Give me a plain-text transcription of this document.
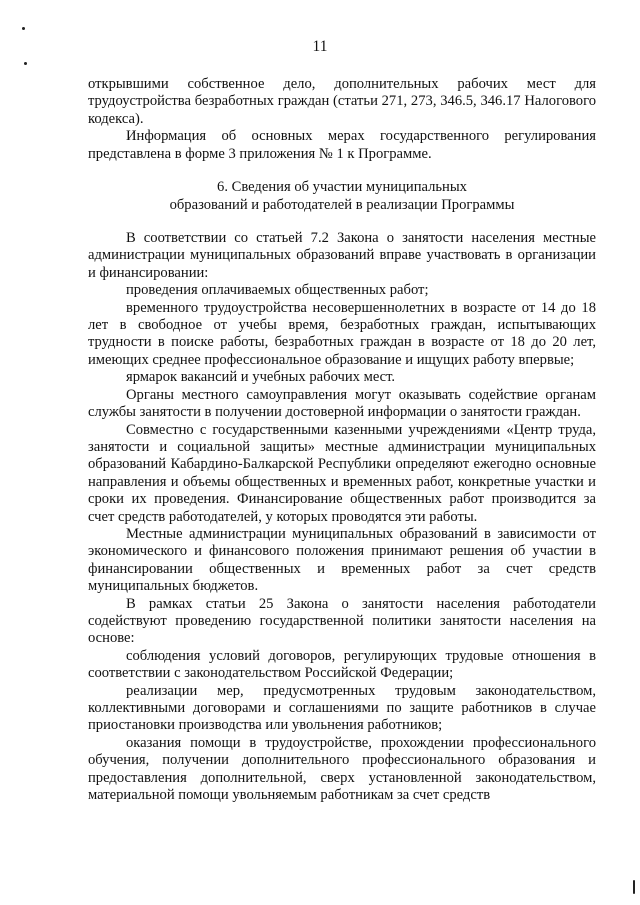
11

открывшими собственное дело, дополнительных рабочих мест для трудоустройства безработных граждан (статьи 271, 273, 346.5, 346.17 Налогового кодекса).

Информация об основных мерах государственного регулирования представлена в форме 3 приложения № 1 к Программе.

6. Сведения об участии муниципальных
образований и работодателей в реализации Программы

В соответствии со статьей 7.2 Закона о занятости населения местные администрации муниципальных образований вправе участвовать в организации и финансировании:

проведения оплачиваемых общественных работ;

временного трудоустройства несовершеннолетних в возрасте от 14 до 18 лет в свободное от учебы время, безработных граждан, испытывающих трудности в поиске работы, безработных граждан в возрасте от 18 до 20 лет, имеющих среднее профессиональное образование и ищущих работу впервые;

ярмарок вакансий и учебных рабочих мест.

Органы местного самоуправления могут оказывать содействие органам службы занятости в получении достоверной информации о занятости граждан.

Совместно с государственными казенными учреждениями «Центр труда, занятости и социальной защиты» местные администрации муниципальных образований Кабардино-Балкарской Республики определяют ежегодно основные направления и объемы общественных и временных работ, конкретные участки и сроки их проведения. Финансирование общественных работ производится за счет средств работодателей, у которых проводятся эти работы.

Местные администрации муниципальных образований в зависимости от экономического и финансового положения принимают решения об участии в финансировании общественных и временных работ за счет средств муниципальных бюджетов.

В рамках статьи 25 Закона о занятости населения работодатели содействуют проведению государственной политики занятости населения на основе:

соблюдения условий договоров, регулирующих трудовые отношения в соответствии с законодательством Российской Федерации;

реализации мер, предусмотренных трудовым законодательством, коллективными договорами и соглашениями по защите работников в случае приостановки производства или увольнения работников;

оказания помощи в трудоустройстве, прохождении профессионального обучения, получении дополнительного профессионального образования и предоставления дополнительной, сверх установленной законодательством, материальной помощи увольняемым работникам за счет средств
